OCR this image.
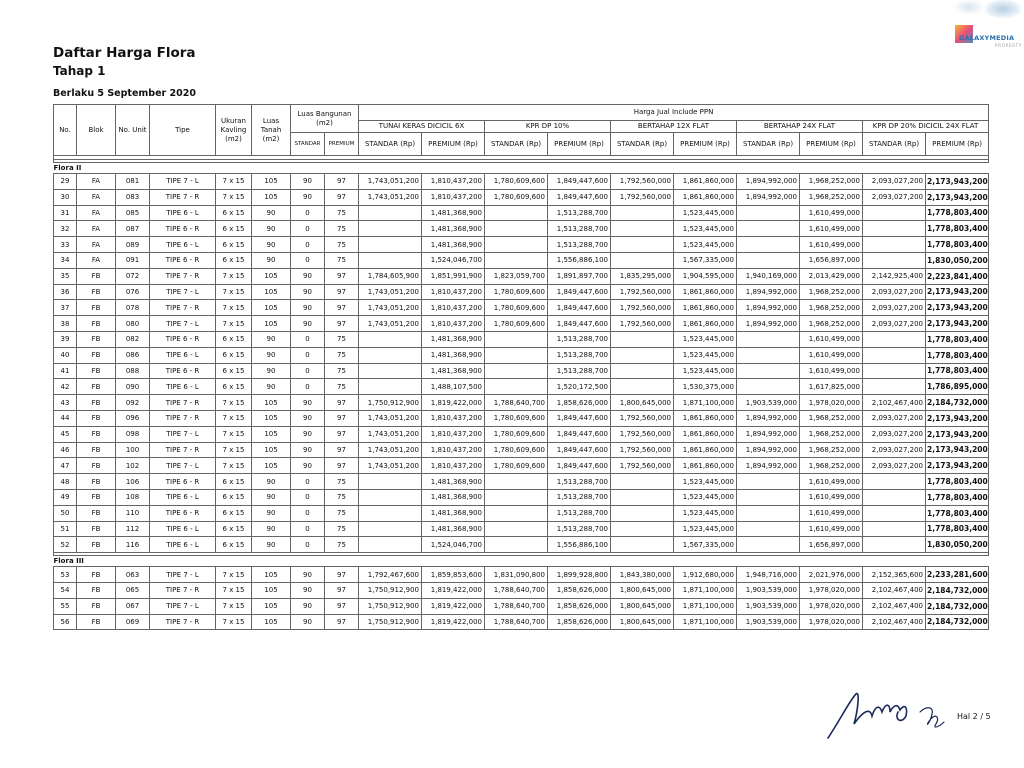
GALAXYMEDIA
PROPERTY
Daftar Harga Flora
Tahap 1
Berlaku 5 September 2020
No.	Blok	No. Unit	Tipe	Ukuran Kavling (m2)	Luas Tanah (m2)	Luas Bangunan (m2)		Harga Jual Include PPN									
								TUNAI KERAS DICICIL 6X		KPR DP 10%		BERTAHAP 12X FLAT		BERTAHAP 24X FLAT		KPR DP 20% DICICIL 24X FLAT	
						STANDAR	PREMIUM	STANDAR (Rp)	PREMIUM (Rp)	STANDAR (Rp)	PREMIUM (Rp)	STANDAR (Rp)	PREMIUM (Rp)	STANDAR (Rp)	PREMIUM (Rp)	STANDAR (Rp)	PREMIUM (Rp)

Flora II																	
29	FA	081	TIPE 7 - L	7 x 15	105	90	97	1,743,051,200	1,810,437,200	1,780,609,600	1,849,447,600	1,792,560,000	1,861,860,000	1,894,992,000	1,968,252,000	2,093,027,200	2,173,943,200
30	FA	083	TIPE 7 - R	7 x 15	105	90	97	1,743,051,200	1,810,437,200	1,780,609,600	1,849,447,600	1,792,560,000	1,861,860,000	1,894,992,000	1,968,252,000	2,093,027,200	2,173,943,200
31	FA	085	TIPE 6 - L	6 x 15	90	0	75		1,481,368,900		1,513,288,700		1,523,445,000		1,610,499,000		1,778,803,400
32	FA	087	TIPE 6 - R	6 x 15	90	0	75		1,481,368,900		1,513,288,700		1,523,445,000		1,610,499,000		1,778,803,400
33	FA	089	TIPE 6 - L	6 x 15	90	0	75		1,481,368,900		1,513,288,700		1,523,445,000		1,610,499,000		1,778,803,400
34	FA	091	TIPE 6 - R	6 x 15	90	0	75		1,524,046,700		1,556,886,100		1,567,335,000		1,656,897,000		1,830,050,200
35	FB	072	TIPE 7 - R	7 x 15	105	90	97	1,784,605,900	1,851,991,900	1,823,059,700	1,891,897,700	1,835,295,000	1,904,595,000	1,940,169,000	2,013,429,000	2,142,925,400	2,223,841,400
36	FB	076	TIPE 7 - L	7 x 15	105	90	97	1,743,051,200	1,810,437,200	1,780,609,600	1,849,447,600	1,792,560,000	1,861,860,000	1,894,992,000	1,968,252,000	2,093,027,200	2,173,943,200
37	FB	078	TIPE 7 - R	7 x 15	105	90	97	1,743,051,200	1,810,437,200	1,780,609,600	1,849,447,600	1,792,560,000	1,861,860,000	1,894,992,000	1,968,252,000	2,093,027,200	2,173,943,200
38	FB	080	TIPE 7 - L	7 x 15	105	90	97	1,743,051,200	1,810,437,200	1,780,609,600	1,849,447,600	1,792,560,000	1,861,860,000	1,894,992,000	1,968,252,000	2,093,027,200	2,173,943,200
39	FB	082	TIPE 6 - R	6 x 15	90	0	75		1,481,368,900		1,513,288,700		1,523,445,000		1,610,499,000		1,778,803,400
40	FB	086	TIPE 6 - L	6 x 15	90	0	75		1,481,368,900		1,513,288,700		1,523,445,000		1,610,499,000		1,778,803,400
41	FB	088	TIPE 6 - R	6 x 15	90	0	75		1,481,368,900		1,513,288,700		1,523,445,000		1,610,499,000		1,778,803,400
42	FB	090	TIPE 6 - L	6 x 15	90	0	75		1,488,107,500		1,520,172,500		1,530,375,000		1,617,825,000		1,786,895,000
43	FB	092	TIPE 7 - R	7 x 15	105	90	97	1,750,912,900	1,819,422,000	1,788,640,700	1,858,626,000	1,800,645,000	1,871,100,000	1,903,539,000	1,978,020,000	2,102,467,400	2,184,732,000
44	FB	096	TIPE 7 - R	7 x 15	105	90	97	1,743,051,200	1,810,437,200	1,780,609,600	1,849,447,600	1,792,560,000	1,861,860,000	1,894,992,000	1,968,252,000	2,093,027,200	2,173,943,200
45	FB	098	TIPE 7 - L	7 x 15	105	90	97	1,743,051,200	1,810,437,200	1,780,609,600	1,849,447,600	1,792,560,000	1,861,860,000	1,894,992,000	1,968,252,000	2,093,027,200	2,173,943,200
46	FB	100	TIPE 7 - R	7 x 15	105	90	97	1,743,051,200	1,810,437,200	1,780,609,600	1,849,447,600	1,792,560,000	1,861,860,000	1,894,992,000	1,968,252,000	2,093,027,200	2,173,943,200
47	FB	102	TIPE 7 - L	7 x 15	105	90	97	1,743,051,200	1,810,437,200	1,780,609,600	1,849,447,600	1,792,560,000	1,861,860,000	1,894,992,000	1,968,252,000	2,093,027,200	2,173,943,200
48	FB	106	TIPE 6 - R	6 x 15	90	0	75		1,481,368,900		1,513,288,700		1,523,445,000		1,610,499,000		1,778,803,400
49	FB	108	TIPE 6 - L	6 x 15	90	0	75		1,481,368,900		1,513,288,700		1,523,445,000		1,610,499,000		1,778,803,400
50	FB	110	TIPE 6 - R	6 x 15	90	0	75		1,481,368,900		1,513,288,700		1,523,445,000		1,610,499,000		1,778,803,400
51	FB	112	TIPE 6 - L	6 x 15	90	0	75		1,481,368,900		1,513,288,700		1,523,445,000		1,610,499,000		1,778,803,400
52	FB	116	TIPE 6 - L	6 x 15	90	0	75		1,524,046,700		1,556,886,100		1,567,335,000		1,656,897,000		1,830,050,200

Flora III																	
53	FB	063	TIPE 7 - L	7 x 15	105	90	97	1,792,467,600	1,859,853,600	1,831,090,800	1,899,928,800	1,843,380,000	1,912,680,000	1,948,716,000	2,021,976,000	2,152,365,600	2,233,281,600
54	FB	065	TIPE 7 - R	7 x 15	105	90	97	1,750,912,900	1,819,422,000	1,788,640,700	1,858,626,000	1,800,645,000	1,871,100,000	1,903,539,000	1,978,020,000	2,102,467,400	2,184,732,000
55	FB	067	TIPE 7 - L	7 x 15	105	90	97	1,750,912,900	1,819,422,000	1,788,640,700	1,858,626,000	1,800,645,000	1,871,100,000	1,903,539,000	1,978,020,000	2,102,467,400	2,184,732,000
56	FB	069	TIPE 7 - R	7 x 15	105	90	97	1,750,912,900	1,819,422,000	1,788,640,700	1,858,626,000	1,800,645,000	1,871,100,000	1,903,539,000	1,978,020,000	2,102,467,400	2,184,732,000
Hal 2 / 5
